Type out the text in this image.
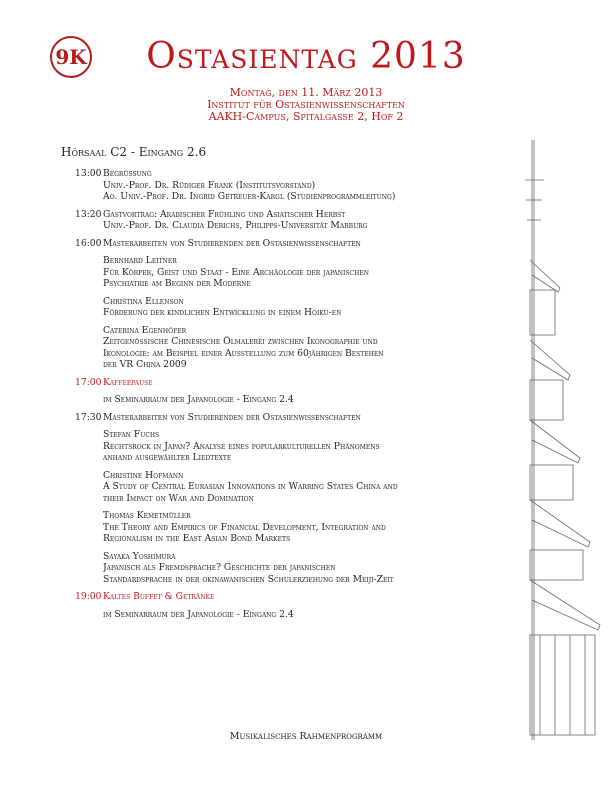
9K	Ostasientag 2013
Montag, den 11. März 2013
Institut für Ostasienwissenschaften
AAKH-Campus, Spitalgasse 2, Hof 2
Hörsaal C2 - Eingang 2.6
13:00 Begrüssung
Univ.-Prof. Dr. Rüdiger Frank (Institutsvorstand)
Ao. Univ.-Prof. Dr. Ingrid Getreuer-Kargl (Studienprogrammleitung)
13:20 Gastvortrag: Arabischer Frühling und Asiatischer Herbst
Univ.-Prof. Dr. Claudia Derichs, Philipps-Universität Marburg
16:00 Masterarbeiten von Studierenden der Ostasienwissenschaften
Bernhard Leitner
Für Körper, Geist und Staat - Eine Archäologie der japanischen
Psychiatrie am Beginn der Moderne
Christina Ellenson
Förderung der kindlichen Entwicklung in einem Hoiku-en
Caterina Egenhöfer
Zeitgenössische Chinesische Ölmalerei zwischen Ikonographie und
Ikonologie: am Beispiel einer Ausstellung zum 60jährigen Bestehen
der VR China 2009
17:00 Kaffeepause
im Seminarraum der Japanologie - Eingang 2.4
17:30 Masterarbeiten von Studierenden der Ostasienwissenschaften
Stefan Fuchs
Rechtsrock in Japan? Analyse eines popularkulturellen Phänomens
anhand ausgewählter Liedtexte
Christine Hofmann
A Study of Central Eurasian Innovations in Warring States China and
their Impact on War and Domination
Thomas Kemetmüller
The Theory and Empirics of Financial Development, Integration and
Regionalism in the East Asian Bond Markets
Sayaka Yoshimura
Japanisch als Fremdsprache? Geschichte der japanischen
Standardsprache in der okinawanischen Schulerziehung der Meiji-Zeit
19:00 Kaltes Buffet & Getränke
im Seminarraum der Japanologie - Eingang 2.4
Musikalisches Rahmenprogramm
